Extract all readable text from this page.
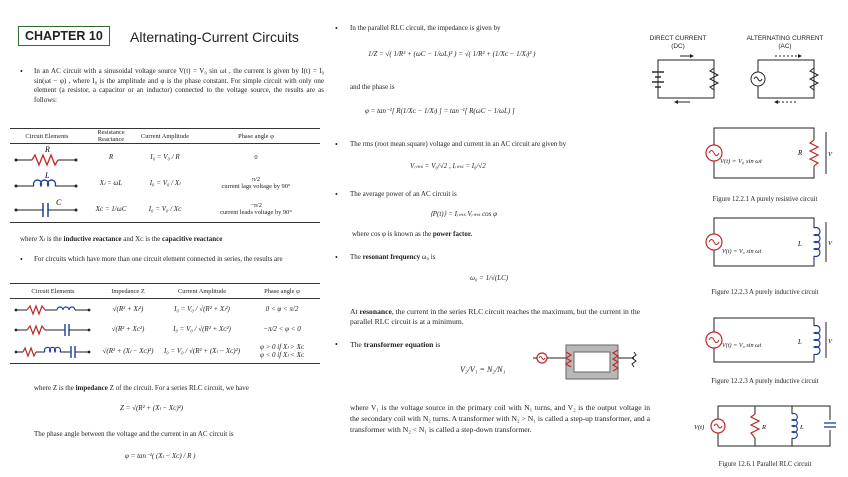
CHAPTER 10	Alternating-Current Circuits
• In an AC circuit with a sinusoidal voltage source V(t) = V₀ sin ωt , the current is given by I(t) = I₀ sin(ωt − φ) , where I₀ is the amplitude and φ is the phase constant. For simple circuit with only one element (a resistor, a capacitor or an inductor) connected to the voltage source, the results are as follows:
Circuit Elements	Resistance Reactance	Current Amplitude	Phase angle φ

R	R	I₀ = V₀ / R	0

L	Xₗ = ωL	I₀ = V₀ / Xₗ	π/2
current lags voltage by 90°

C	Xᴄ = 1/ωC	I₀ = V₀ / Xᴄ	−π/2
current leads voltage by 90°
where Xₗ is the inductive reactance and Xᴄ is the capacitive reactance
• For circuits which have more than one circuit element connected in series, the results are
Circuit Elements	Impedance Z	Current Amplitude	Phase angle φ
	√(R² + Xₗ²)	I₀ = V₀ / √(R² + Xₗ²)	0 < φ < π/2
	√(R² + Xᴄ²)	I₀ = V₀ / √(R² + Xᴄ²)	−π/2 < φ < 0
	√(R² + (Xₗ − Xᴄ)²)	I₀ = V₀ / √(R² + (Xₗ − Xᴄ)²)	φ > 0 if Xₗ > Xᴄ
φ < 0 if Xₗ < Xᴄ
where Z is the impedance Z of the circuit. For a series RLC circuit, we have
Z = √(R² + (Xₗ − Xᴄ)²)
The phase angle between the voltage and the current in an AC circuit is
φ = tan⁻¹( (Xₗ − Xᴄ) / R )
• In the parallel RLC circuit, the impedance is given by
1/Z = √( 1/R² + (ωC − 1/ωL)² ) = √( 1/R² + (1/Xᴄ − 1/Xₗ)² )
and the phase is
φ = tan⁻¹[ R(1/Xᴄ − 1/Xₗ) ] = tan⁻¹[ R(ωC − 1/ωL) ]
• The rms (root mean square) voltage and current in an AC circuit are given by
Vᵣₘₛ = V₀/√2 , Iᵣₘₛ = I₀/√2
• The average power of an AC circuit is
⟨P(t)⟩ = Iᵣₘₛ Vᵣₘₛ cos φ
where cos φ is known as the power factor.
• The resonant frequency ω₀ is
ω₀ = 1/√(LC)
At resonance, the current in the series RLC circuit reaches the maximum, but the current in the parallel RLC circuit is at a minimum.
• The transformer equation is
V₂/V₁ = N₂/N₁
where V₁ is the voltage source in the primary coil with N₁ turns, and V₂ is the output voltage in the secondary coil with N₂ turns. A transformer with N₂ > N₁ is called a step-up transformer, and a transformer with N₂ < N₁ is called a step-down transformer.
DIRECT CURRENT
(DC)
ALTERNATING CURRENT
(AC)
R	V
V(t) = V₀ sin ωt
Figure 12.2.1 A purely resistive circuit
L	V
V(t) = V₀ sin ωt
Figure 12.2.3 A purely inductive circuit
L	V
V(t) = V₀ sin ωt
Figure 12.2.3 A purely inductive circuit
V(t)	R	L
Figure 12.6.1 Parallel RLC circuit
